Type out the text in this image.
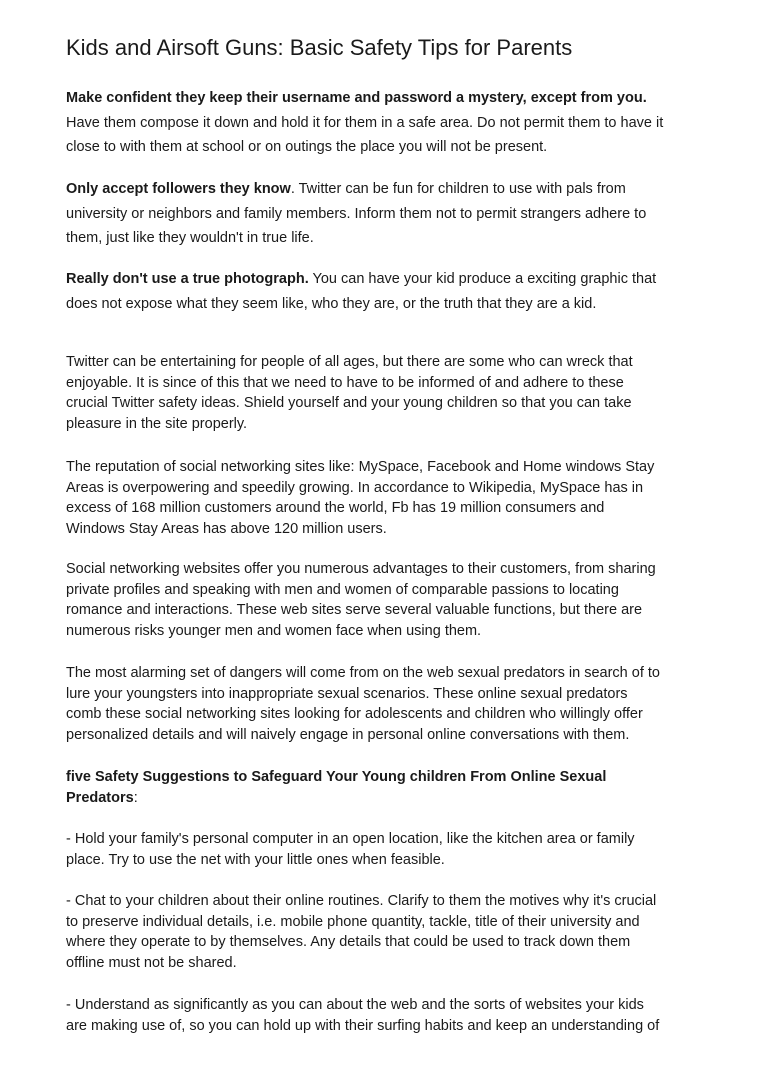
Kids and Airsoft Guns: Basic Safety Tips for Parents

Make confident they keep their username and password a mystery, except from you.
Have them compose it down and hold it for them in a safe area. Do not permit them to have it
close to with them at school or on outings the place you will not be present.

Only accept followers they know. Twitter can be fun for children to use with pals from
university or neighbors and family members. Inform them not to permit strangers adhere to
them, just like they wouldn't in true life.

Really don't use a true photograph. You can have your kid produce a exciting graphic that
does not expose what they seem like, who they are, or the truth that they are a kid.

Twitter can be entertaining for people of all ages, but there are some who can wreck that
enjoyable. It is since of this that we need to have to be informed of and adhere to these
crucial Twitter safety ideas. Shield yourself and your young children so that you can take
pleasure in the site properly.

The reputation of social networking sites like: MySpace, Facebook and Home windows Stay
Areas is overpowering and speedily growing. In accordance to Wikipedia, MySpace has in
excess of 168 million customers around the world, Fb has 19 million consumers and
Windows Stay Areas has above 120 million users.

Social networking websites offer you numerous advantages to their customers, from sharing
private profiles and speaking with men and women of comparable passions to locating
romance and interactions. These web sites serve several valuable functions, but there are
numerous risks younger men and women face when using them.

The most alarming set of dangers will come from on the web sexual predators in search of to
lure your youngsters into inappropriate sexual scenarios. These online sexual predators
comb these social networking sites looking for adolescents and children who willingly offer
personalized details and will naively engage in personal online conversations with them.

five Safety Suggestions to Safeguard Your Young children From Online Sexual
Predators:

- Hold your family's personal computer in an open location, like the kitchen area or family
place. Try to use the net with your little ones when feasible.

- Chat to your children about their online routines. Clarify to them the motives why it's crucial
to preserve individual details, i.e. mobile phone quantity, tackle, title of their university and
where they operate to by themselves. Any details that could be used to track down them
offline must not be shared.

- Understand as significantly as you can about the web and the sorts of websites your kids
are making use of, so you can hold up with their surfing habits and keep an understanding of
